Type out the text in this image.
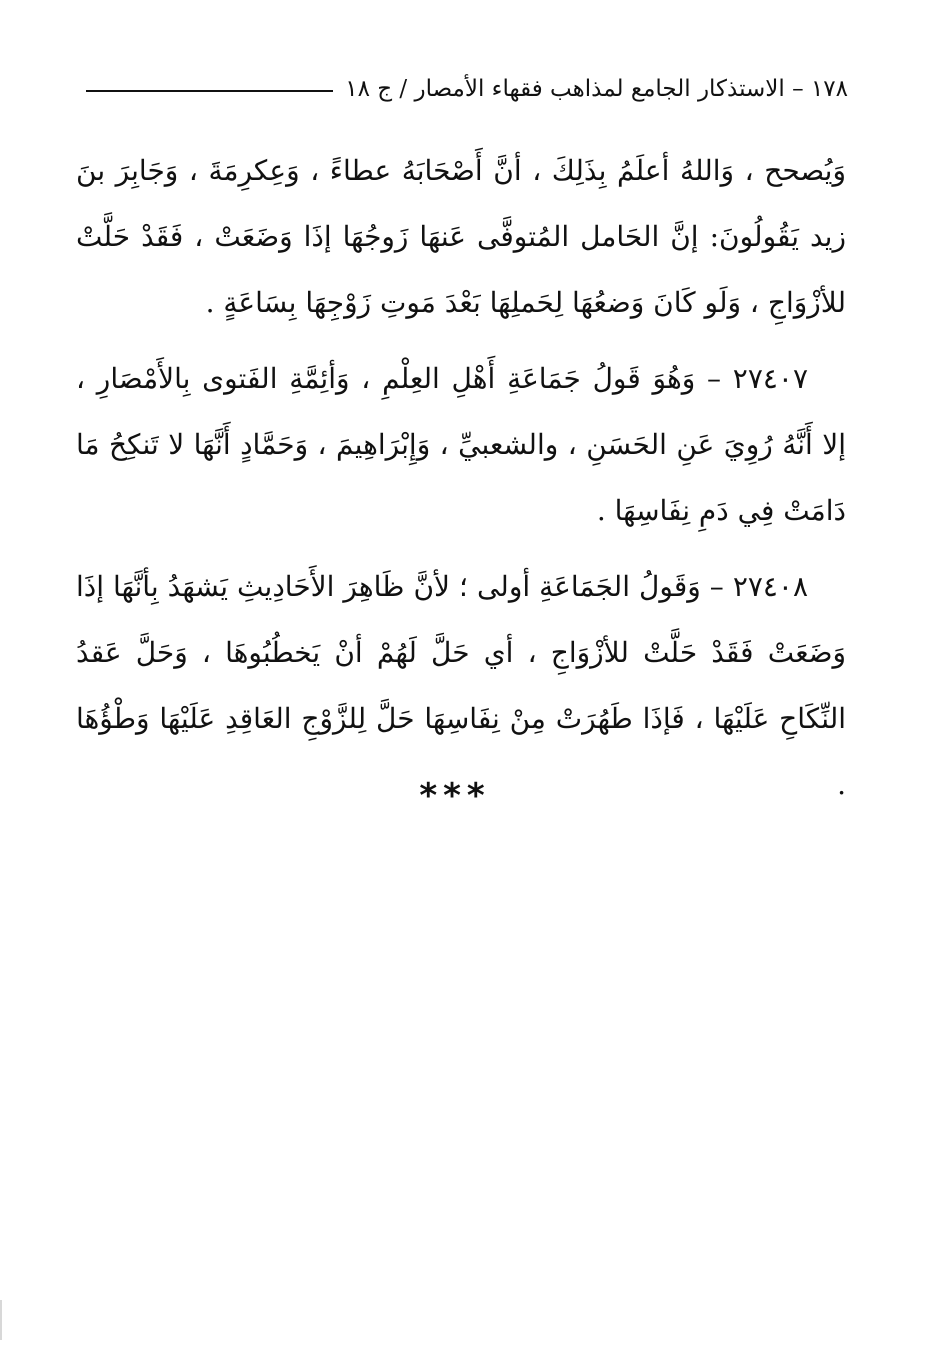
١٧٨ – الاستذكار الجامع لمذاهب فقهاء الأمصار / ج ١٨

وَيُصحح ، وَاللهُ أعلَمُ بِذَلِكَ ، أنَّ أَصْحَابَهُ عطاءً ، وَعِكرِمَةَ ، وَجَابِرَ بنَ زيد يَقُولُونَ: إنَّ الحَامل المُتوفَّى عَنهَا زَوجُهَا إذَا وَضَعَتْ ، فَقَدْ حَلَّتْ للأزْوَاجِ ، وَلَو كَانَ وَضعُهَا لِحَملِهَا بَعْدَ مَوتِ زَوْجِهَا بِسَاعَةٍ .

٢٧٤٠٧ – وَهُوَ قَولُ جَمَاعَةِ أَهْلِ العِلْمِ ، وَأئِمَّةِ الفَتوى بِالأَمْصَارِ ، إلا أَنَّهُ رُوِيَ عَنِ الحَسَنِ ، والشعبيِّ ، وَإِبْرَاهِيمَ ، وَحَمَّادٍ أَنَّهَا لا تَنكِحُ مَا دَامَتْ فِي دَمِ نِفَاسِهَا .

٢٧٤٠٨ – وَقَولُ الجَمَاعَةِ أولى ؛ لأنَّ ظَاهِرَ الأَحَادِيثِ يَشهَدُ بِأنَّهَا إذَا وَضَعَتْ فَقَدْ حَلَّتْ للأزْوَاجِ ، أي حَلَّ لَهُمْ أنْ يَخطُبُوهَا ، وَحَلَّ عَقدُ النِّكَاحِ عَلَيْهَا ، فَإذَا طَهُرَتْ مِنْ نِفَاسِهَا حَلَّ لِلزَّوْجِ العَاقِدِ عَلَيْهَا وَطْؤُهَا .

***
